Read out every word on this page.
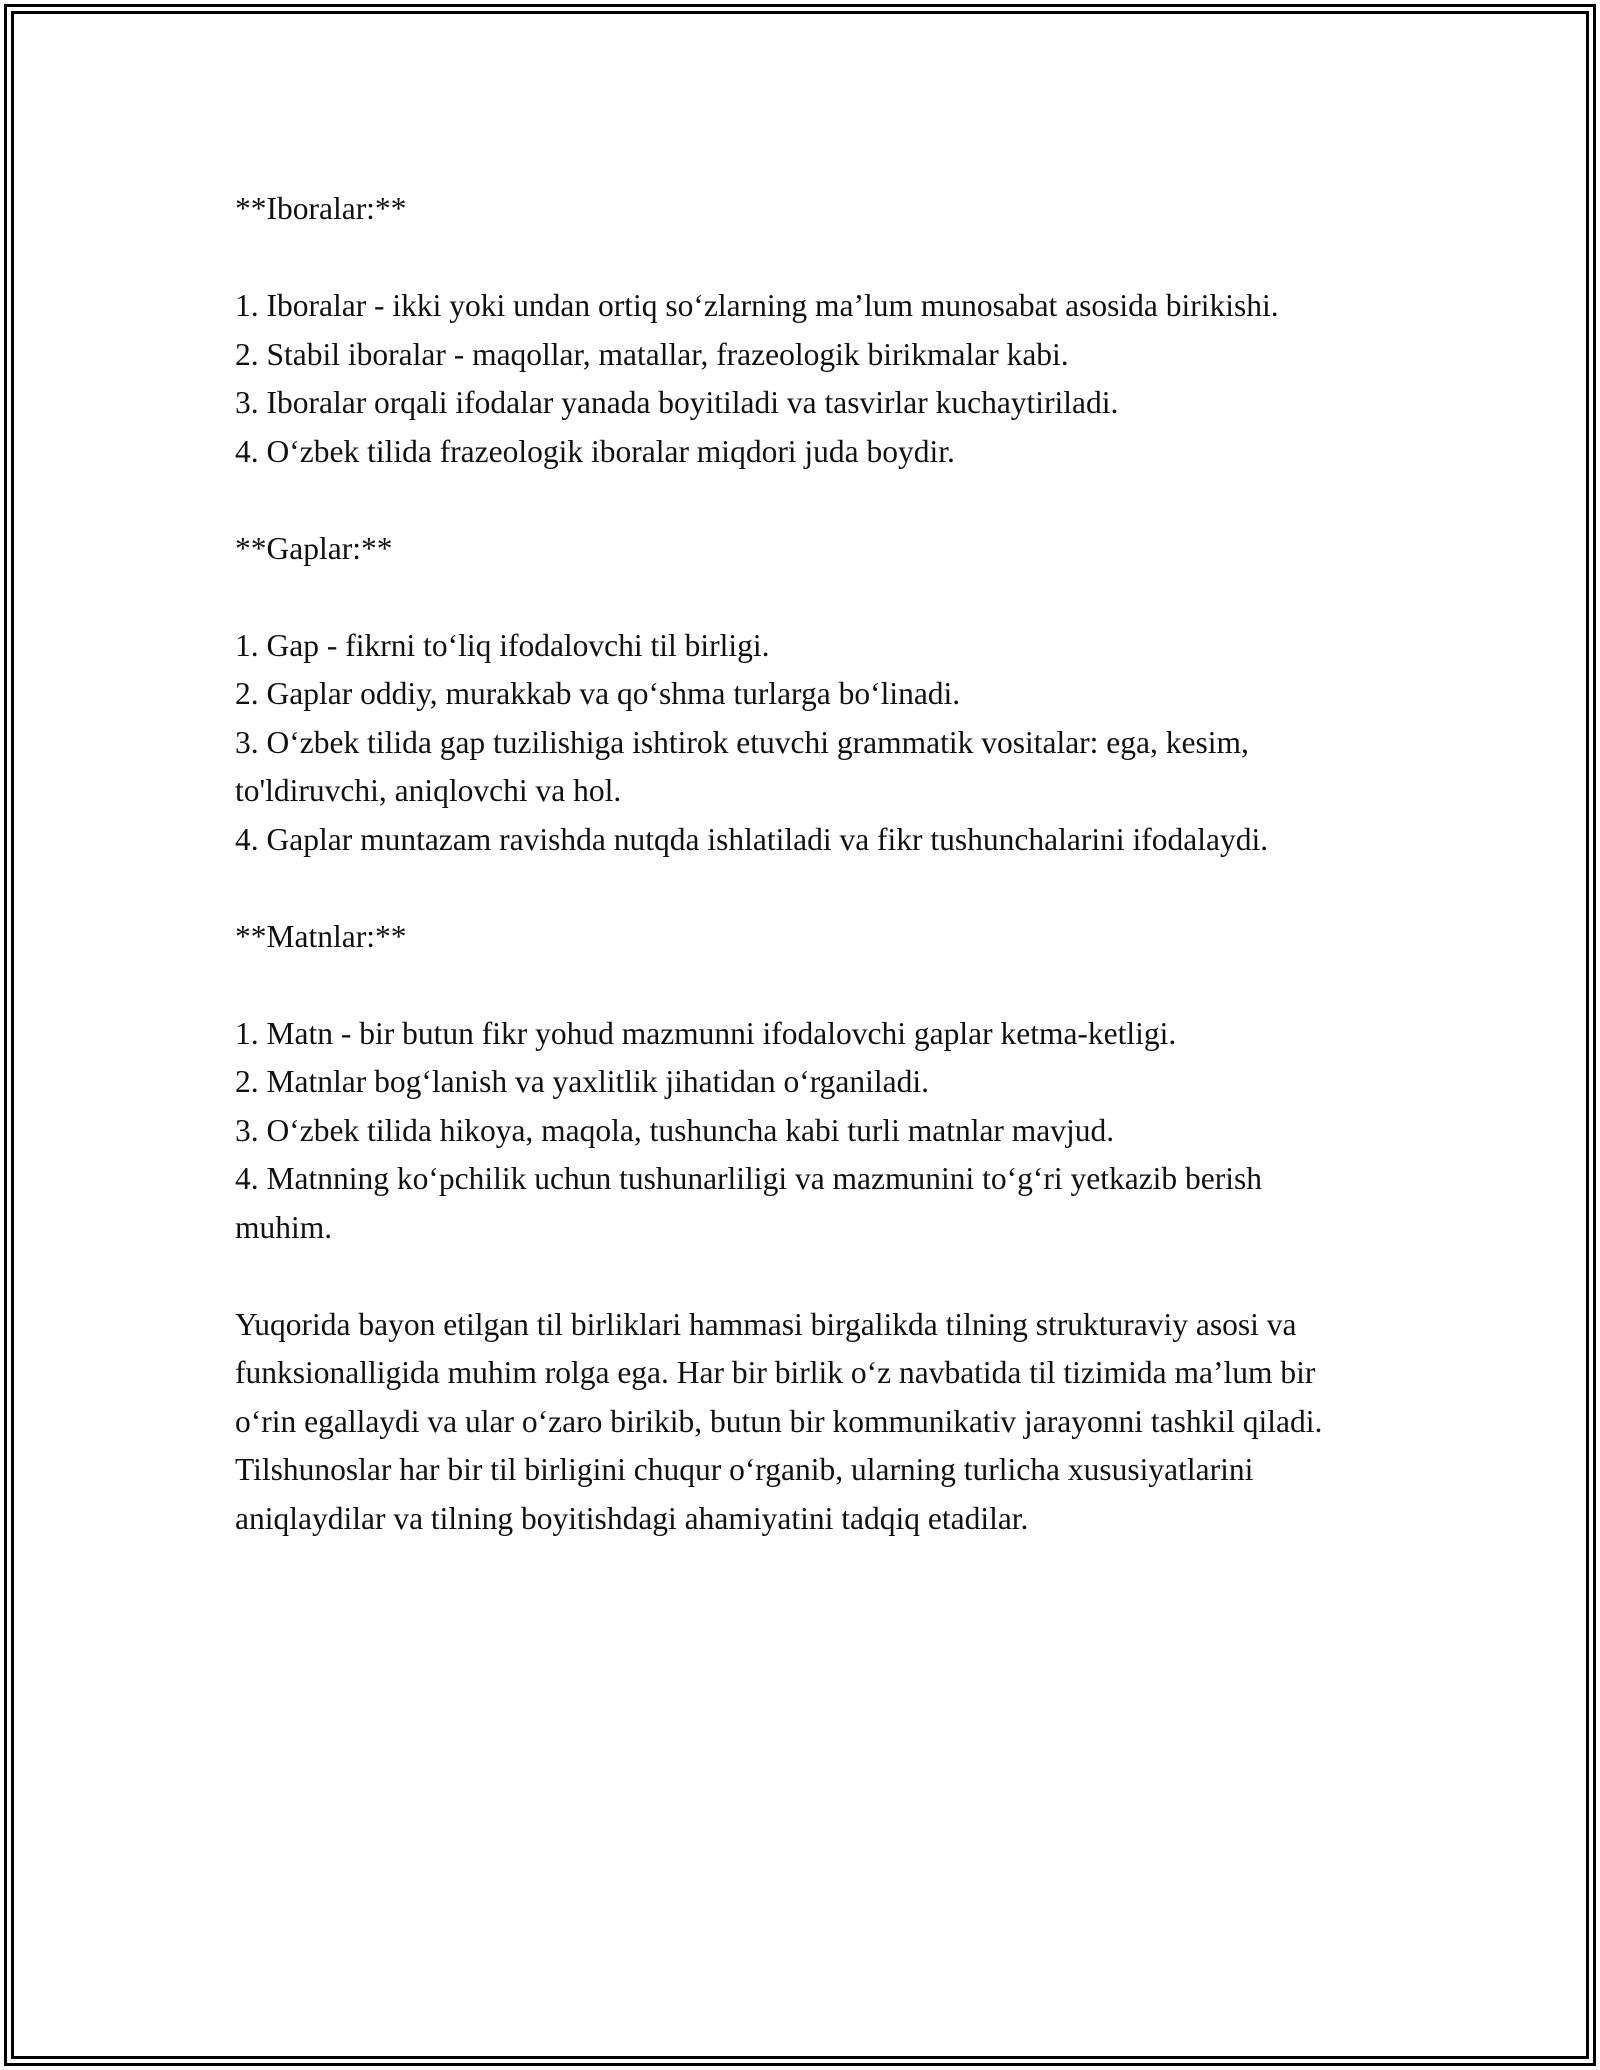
**Iboralar:**

1. Iboralar - ikki yoki undan ortiq so‘zlarning ma’lum munosabat asosida birikishi.

2. Stabil iboralar - maqollar, matallar, frazeologik birikmalar kabi.

3. Iboralar orqali ifodalar yanada boyitiladi va tasvirlar kuchaytiriladi.

4. O‘zbek tilida frazeologik iboralar miqdori juda boydir.

**Gaplar:**

1. Gap - fikrni to‘liq ifodalovchi til birligi.

2. Gaplar oddiy, murakkab va qo‘shma turlarga bo‘linadi.

3. O‘zbek tilida gap tuzilishiga ishtirok etuvchi grammatik vositalar: ega, kesim, to'ldiruvchi, aniqlovchi va hol.

4. Gaplar muntazam ravishda nutqda ishlatiladi va fikr tushunchalarini ifodalaydi.

**Matnlar:**

1. Matn - bir butun fikr yohud mazmunni ifodalovchi gaplar ketma-ketligi.

2. Matnlar bog‘lanish va yaxlitlik jihatidan o‘rganiladi.

3. O‘zbek tilida hikoya, maqola, tushuncha kabi turli matnlar mavjud.

4. Matnning ko‘pchilik uchun tushunarliligi va mazmunini to‘g‘ri yetkazib berish muhim.

Yuqorida bayon etilgan til birliklari hammasi birgalikda tilning strukturaviy asosi va funksionalligida muhim rolga ega. Har bir birlik o‘z navbatida til tizimida ma’lum bir o‘rin egallaydi va ular o‘zaro birikib, butun bir kommunikativ jarayonni tashkil qiladi. Tilshunoslar har bir til birligini chuqur o‘rganib, ularning turlicha xususiyatlarini aniqlaydilar va tilning boyitishdagi ahamiyatini tadqiq etadilar.
